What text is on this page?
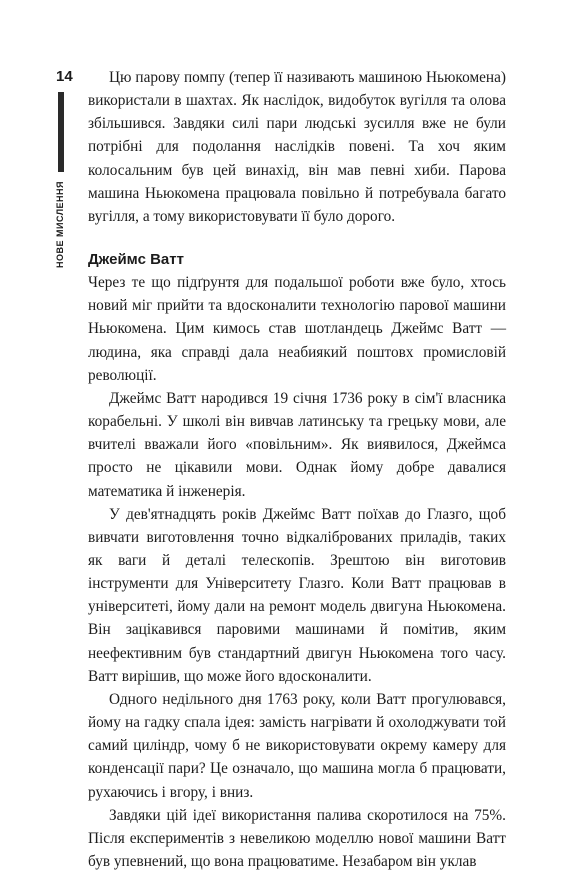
14
НОВЕ МИСЛЕННЯ

Цю парову помпу (тепер її називають машиною Ньюкомена) використали в шахтах. Як наслідок, видобуток вугілля та олова збільшився. Завдяки силі пари людські зусилля вже не були потрібні для подолання наслідків повені. Та хоч яким колосальним був цей винахід, він мав певні хиби. Парова машина Ньюкомена працювала повільно й потребувала багато вугілля, а тому використовувати її було дорого.

Джеймс Ватт

Через те що підґрунтя для подальшої роботи вже було, хтось новий міг прийти та вдосконалити технологію парової машини Ньюкомена. Цим кимось став шотландець Джеймс Ватт — людина, яка справді дала неабиякий поштовх промисловій революції.

Джеймс Ватт народився 19 січня 1736 року в сім'ї власника корабельні. У школі він вивчав латинську та грецьку мови, але вчителі вважали його «повільним». Як виявилося, Джеймса просто не цікавили мови. Однак йому добре давалися математика й інженерія.

У дев'ятнадцять років Джеймс Ватт поїхав до Глазго, щоб вивчати виготовлення точно відкаліброваних приладів, таких як ваги й деталі телескопів. Зрештою він виготовив інструменти для Університету Глазго. Коли Ватт працював в університеті, йому дали на ремонт модель двигуна Ньюкомена. Він зацікавився паровими машинами й помітив, яким неефективним був стандартний двигун Ньюкомена того часу. Ватт вирішив, що може його вдосконалити.

Одного недільного дня 1763 року, коли Ватт прогулювався, йому на гадку спала ідея: замість нагрівати й охолоджувати той самий циліндр, чому б не використовувати окрему камеру для конденсації пари? Це означало, що машина могла б працювати, рухаючись і вгору, і вниз.

Завдяки цій ідеї використання палива скоротилося на 75%. Після експериментів з невеликою моделлю нової машини Ватт був упевнений, що вона працюватиме. Незабаром він уклав
